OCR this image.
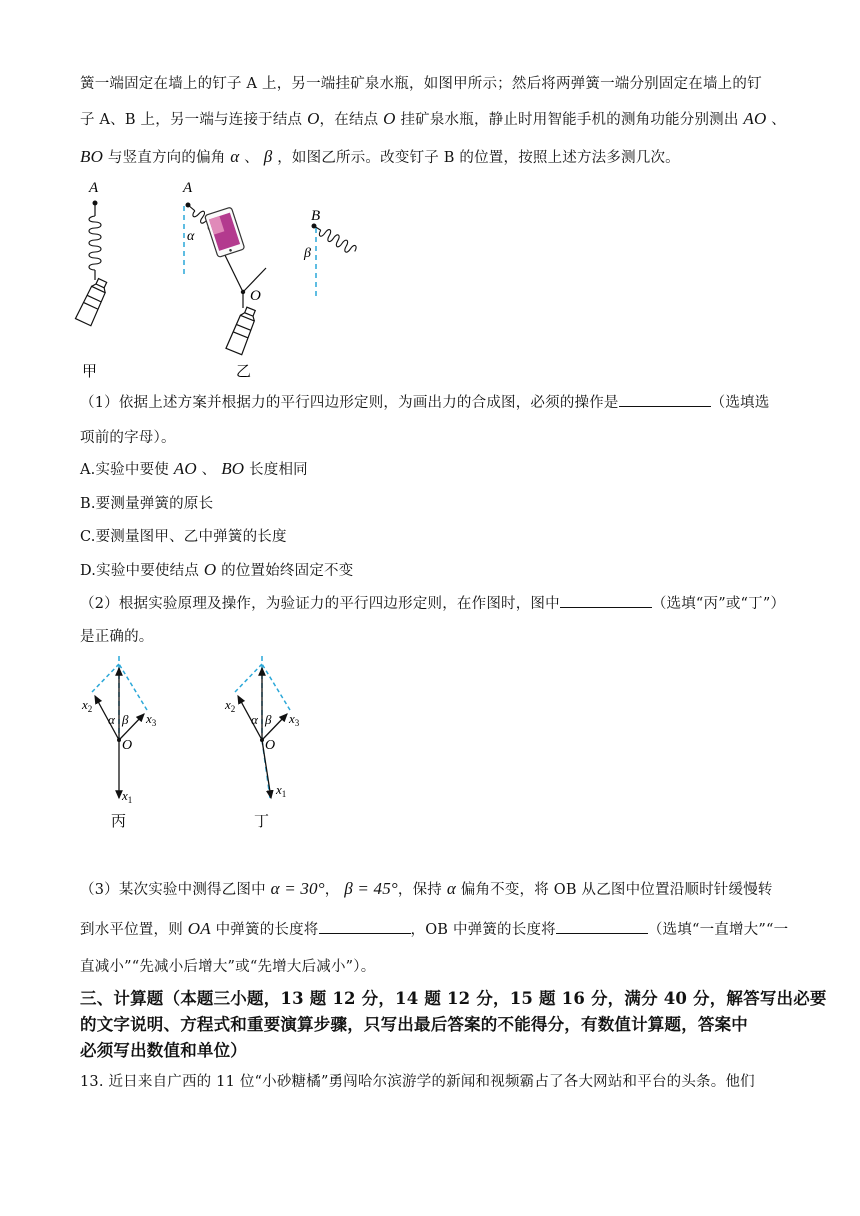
簧一端固定在墙上的钉子 A 上，另一端挂矿泉水瓶，如图甲所示；然后将两弹簧一端分别固定在墙上的钉
子 A、B 上，另一端与连接于结点 O，在结点 O 挂矿泉水瓶，静止时用智能手机的测角功能分别测出 AO 、
BO 与竖直方向的偏角 α 、 β ，如图乙所示。改变钉子 B 的位置，按照上述方法多测几次。
A
甲
A
B
α
β
O
乙
（1）依据上述方案并根据力的平行四边形定则，为画出力的合成图，必须的操作是	（选填选
项前的字母）。
A.实验中要使 AO 、 BO 长度相同
B.要测量弹簧的原长
C.要测量图甲、乙中弹簧的长度
D.实验中要使结点 O 的位置始终固定不变
（2）根据实验原理及操作，为验证力的平行四边形定则，在作图时，图中	（选填“丙”或“丁”）
是正确的。
$x_2$
$x_3$
$x_1$
α β
O
丙
$x_2$
$x_3$
$x_1$
α β
O
丁
（3）某次实验中测得乙图中 α = 30°， β = 45°，保持 α 偏角不变，将 OB 从乙图中位置沿顺时针缓慢转
到水平位置，则 OA 中弹簧的长度将	，OB 中弹簧的长度将	（选填“一直增大”“一
直减小”“先减小后增大”或“先增大后减小”）。
三、计算题（本题三小题，13 题 12 分，14 题 12 分，15 题 16 分，满分 40 分，解答写出必要
的文字说明、方程式和重要演算步骤，只写出最后答案的不能得分，有数值计算题，答案中
必须写出数值和单位）
13. 近日来自广西的 11 位“小砂糖橘”勇闯哈尔滨游学的新闻和视频霸占了各大网站和平台的头条。他们
